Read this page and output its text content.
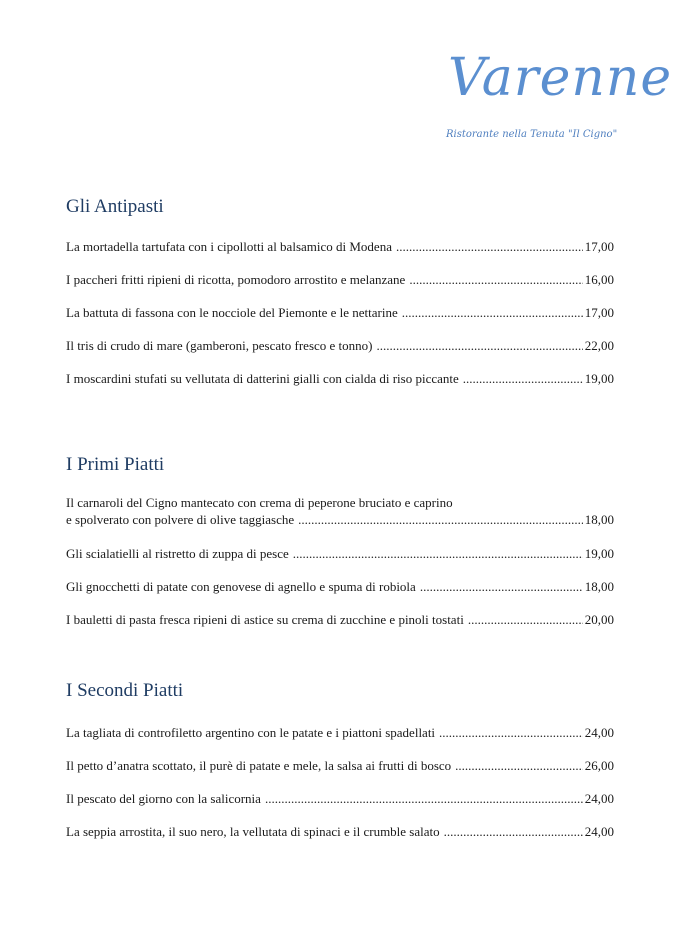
Varenne
Ristorante nella Tenuta "Il Cigno"
Gli Antipasti
La mortadella tartufata con i cipollotti al balsamico di Modena .....	17,00
I paccheri fritti ripieni di ricotta, pomodoro arrostito e melanzane .....	16,00
La battuta di fassona con le nocciole del Piemonte e le nettarine .....	17,00
Il tris di crudo di mare (gamberoni, pescato fresco e tonno) .....	22,00
I moscardini stufati su vellutata di datterini gialli con cialda di riso piccante .....	19,00
I Primi Piatti
Il carnaroli del Cigno mantecato con crema di peperone bruciato e caprino
e spolverato con polvere di olive taggiasche .....	18,00
Gli scialatielli al ristretto di zuppa di pesce .....	19,00
Gli gnocchetti di patate con genovese di agnello e spuma di robiola .....	18,00
I bauletti di pasta fresca ripieni di astice su crema di zucchine e pinoli tostati .....	20,00
I Secondi Piatti
La tagliata di controfiletto argentino con le patate e i piattoni spadellati .....	24,00
Il petto d’anatra scottato, il purè di patate e mele, la salsa ai frutti di bosco .....	26,00
Il pescato del giorno con la salicornia .....	24,00
La seppia arrostita, il suo nero, la vellutata di spinaci e il crumble salato .....	24,00
